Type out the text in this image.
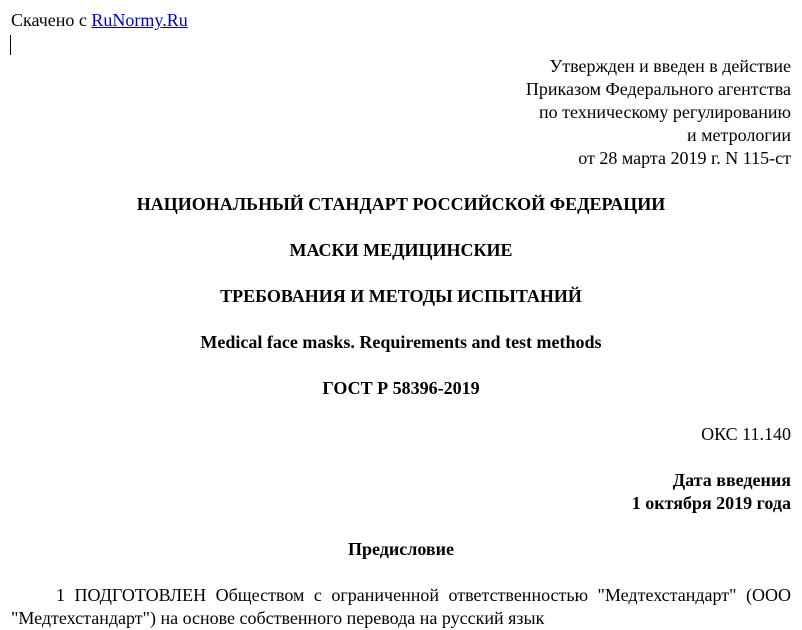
Скачено с RuNormy.Ru
Утвержден и введен в действие
Приказом Федерального агентства
по техническому регулированию
и метрологии
от 28 марта 2019 г. N 115-ст
НАЦИОНАЛЬНЫЙ СТАНДАРТ РОССИЙСКОЙ ФЕДЕРАЦИИ
МАСКИ МЕДИЦИНСКИЕ
ТРЕБОВАНИЯ И МЕТОДЫ ИСПЫТАНИЙ
Medical face masks. Requirements and test methods
ГОСТ Р 58396-2019
ОКС 11.140
Дата введения
1 октября 2019 года
Предисловие
1 ПОДГОТОВЛЕН Обществом с ограниченной ответственностью "Медтехстандарт" (ООО "Медтехстандарт") на основе собственного перевода на русский язык
